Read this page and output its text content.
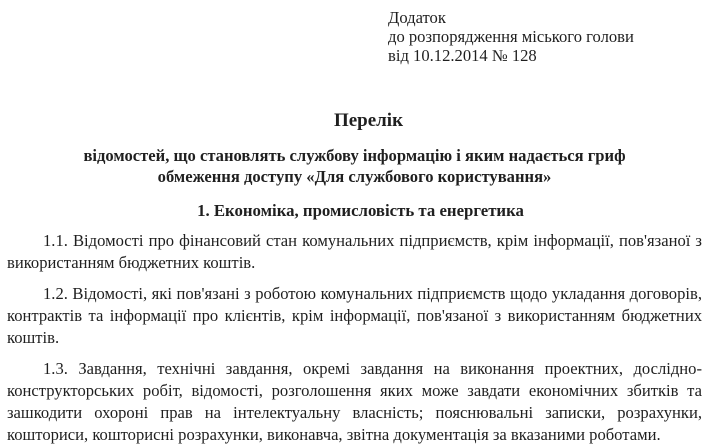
Додаток
до розпорядження міського голови
від 10.12.2014 № 128
Перелік
відомостей, що становлять службову інформацію і яким надається гриф обмеження доступу «Для службового користування»
1. Економіка, промисловість та енергетика

1.1. Відомості про фінансовий стан комунальних підприємств, крім інформації, пов'язаної з використанням бюджетних коштів.

1.2. Відомості, які пов'язані з роботою комунальних підприємств щодо укладання договорів, контрактів та інформації про клієнтів, крім інформації, пов'язаної з використанням бюджетних коштів.

1.3. Завдання, технічні завдання, окремі завдання на виконання проектних, дослідно-конструкторських робіт, відомості, розголошення яких може завдати економічних збитків та зашкодити охороні прав на інтелектуальну власність; пояснювальні записки, розрахунки, кошториси, кошторисні розрахунки, виконавча, звітна документація за вказаними роботами.
